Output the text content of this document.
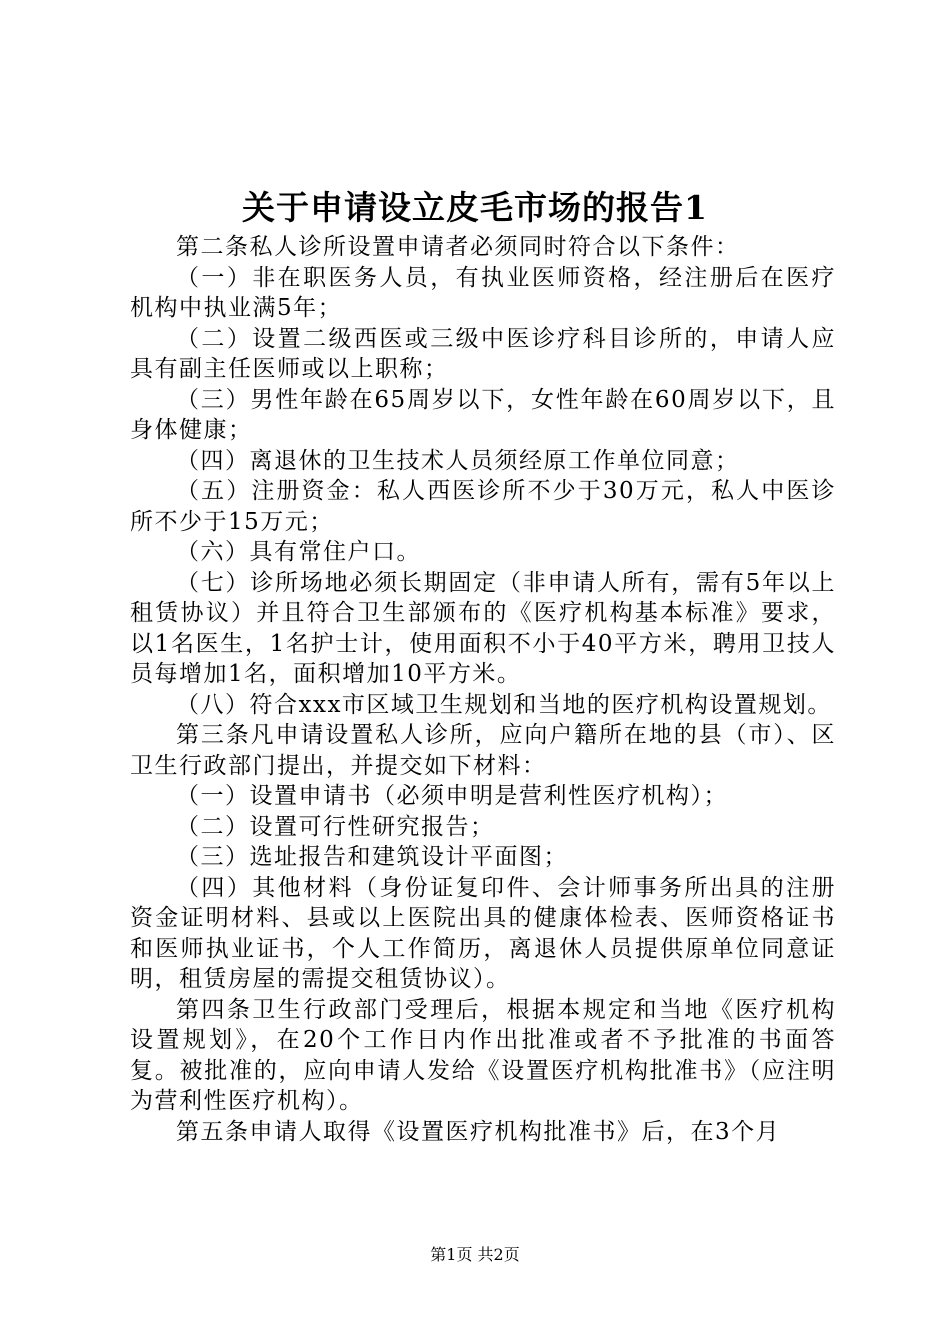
关于申请设立皮毛市场的报告1

第二条私人诊所设置申请者必须同时符合以下条件：

（一）非在职医务人员，有执业医师资格，经注册后在医疗机构中执业满5年；

（二）设置二级西医或三级中医诊疗科目诊所的，申请人应具有副主任医师或以上职称；

（三）男性年龄在65周岁以下，女性年龄在60周岁以下，且身体健康；

（四）离退休的卫生技术人员须经原工作单位同意；

（五）注册资金：私人西医诊所不少于30万元，私人中医诊所不少于15万元；

（六）具有常住户口。

（七）诊所场地必须长期固定（非申请人所有，需有5年以上租赁协议）并且符合卫生部颁布的《医疗机构基本标准》要求，以1名医生，1名护士计，使用面积不小于40平方米，聘用卫技人员每增加1名，面积增加10平方米。

（八）符合xxx市区域卫生规划和当地的医疗机构设置规划。

第三条凡申请设置私人诊所，应向户籍所在地的县（市）、区卫生行政部门提出，并提交如下材料：

（一）设置申请书（必须申明是营利性医疗机构）；

（二）设置可行性研究报告；

（三）选址报告和建筑设计平面图；

（四）其他材料（身份证复印件、会计师事务所出具的注册资金证明材料、县或以上医院出具的健康体检表、医师资格证书和医师执业证书，个人工作简历，离退休人员提供原单位同意证明，租赁房屋的需提交租赁协议）。

第四条卫生行政部门受理后，根据本规定和当地《医疗机构设置规划》，在20个工作日内作出批准或者不予批准的书面答复。被批准的，应向申请人发给《设置医疗机构批准书》（应注明为营利性医疗机构）。

第五条申请人取得《设置医疗机构批准书》后，在3个月

第1页 共2页
